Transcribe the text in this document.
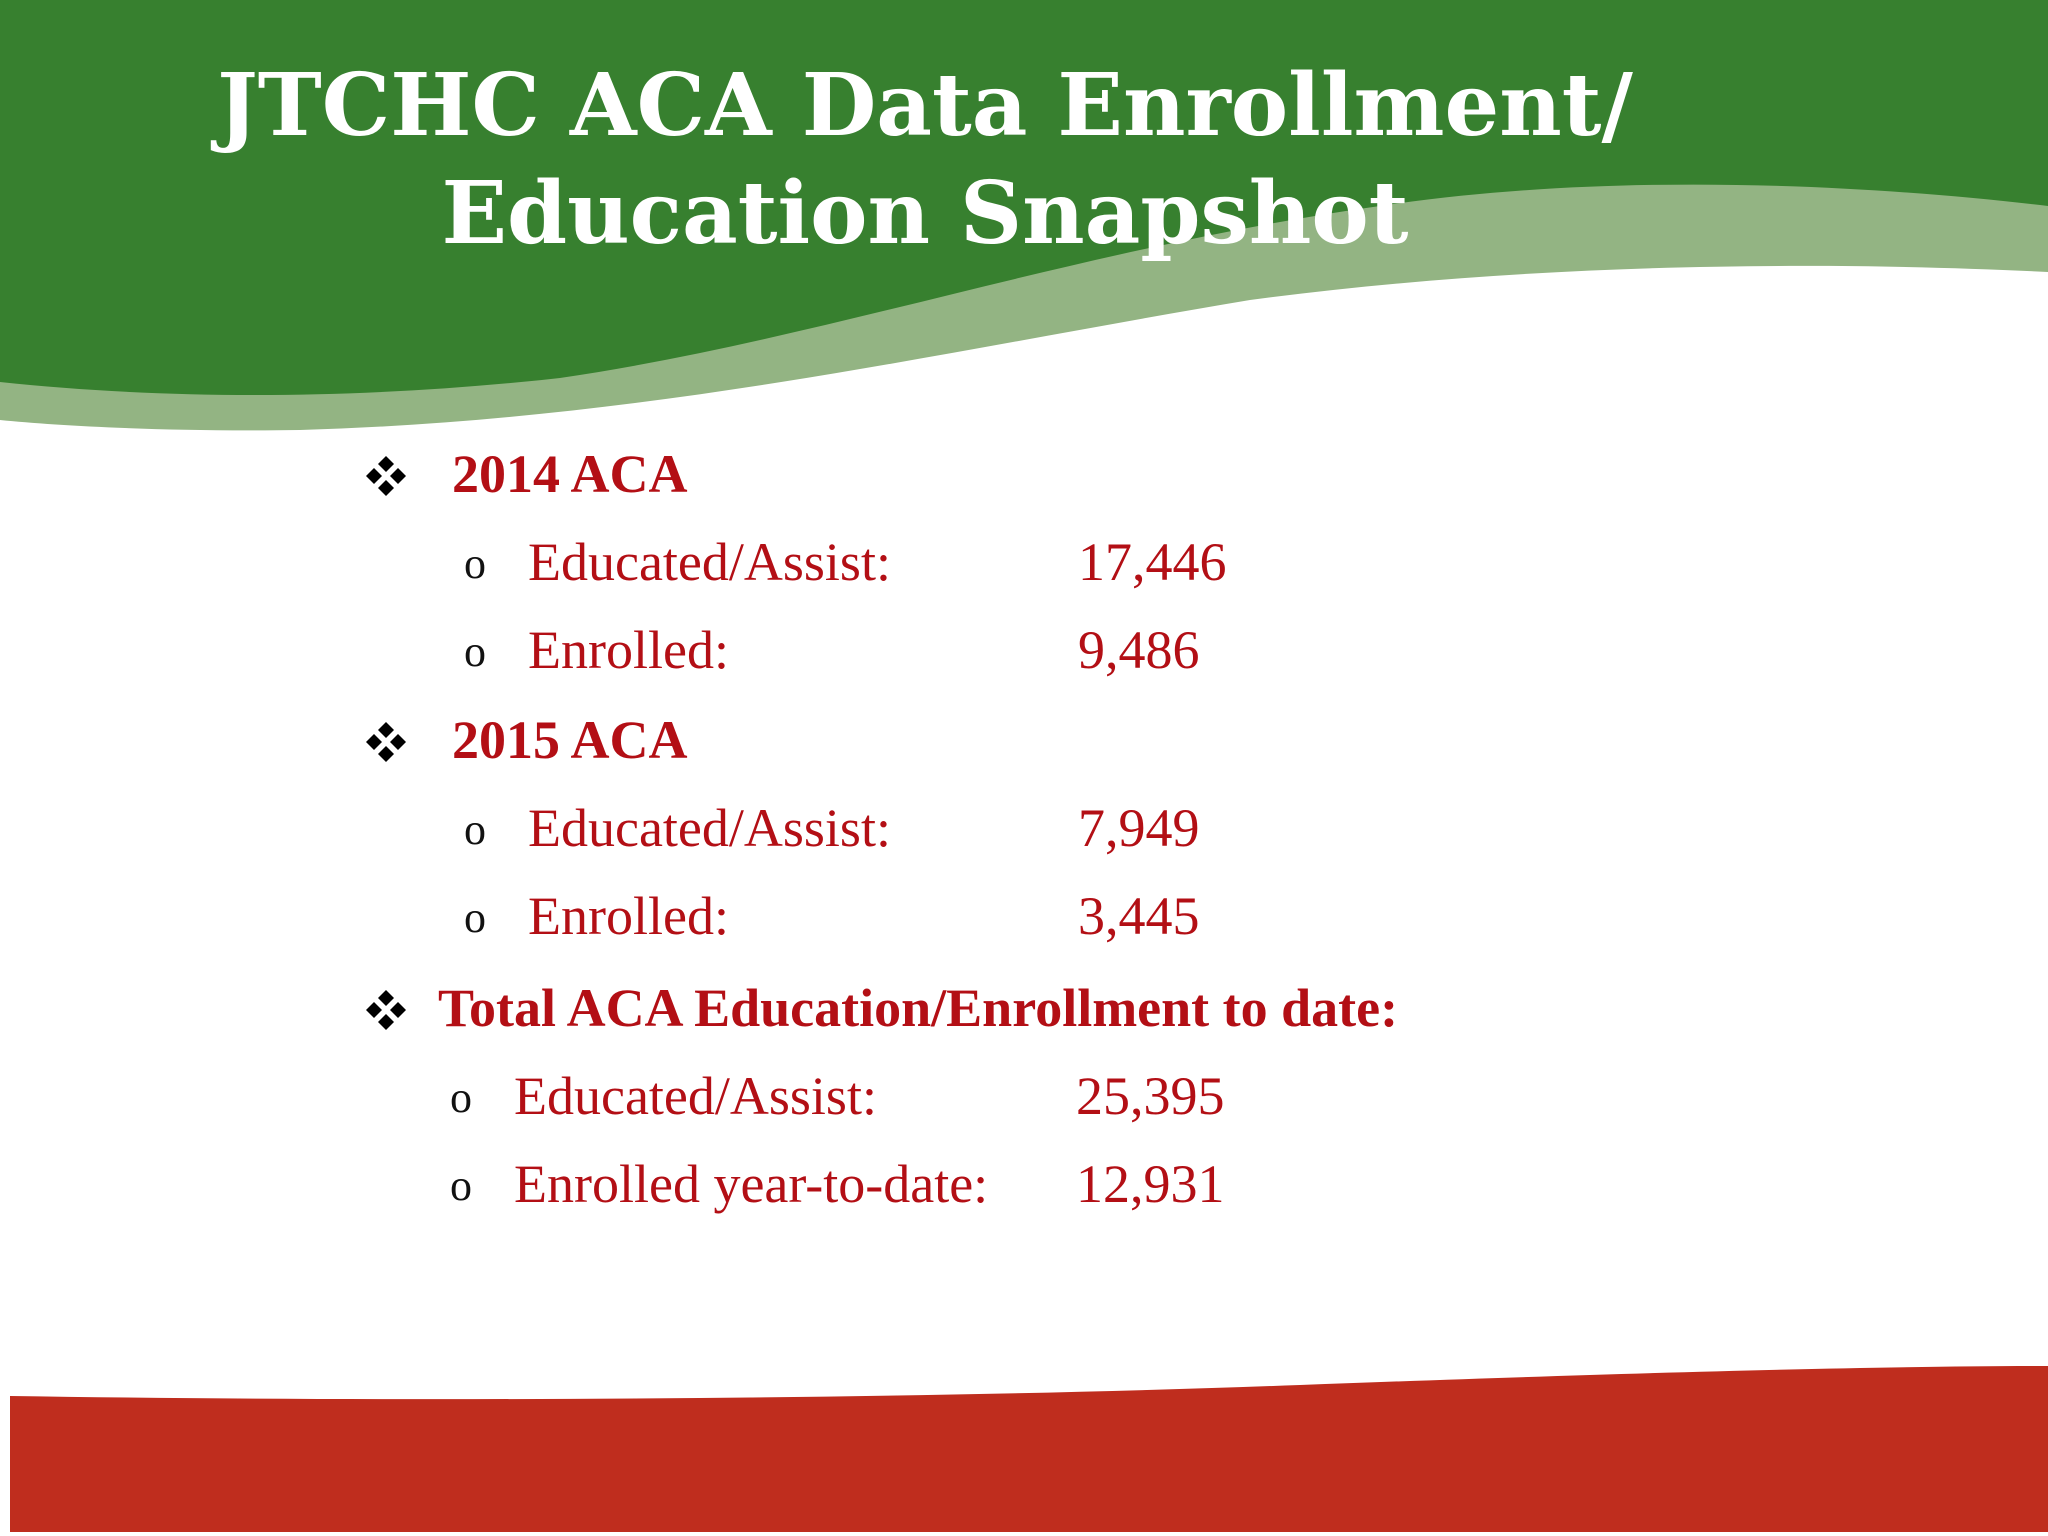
JTCHC ACA Data Enrollment/
Education Snapshot
2014 ACA
o Educated/Assist:	17,446
o Enrolled:	9,486
2015 ACA
o Educated/Assist:	7,949
o Enrolled:	3,445
Total ACA Education/Enrollment to date:
o Educated/Assist:	25,395
o Enrolled year-to-date: 12,931
